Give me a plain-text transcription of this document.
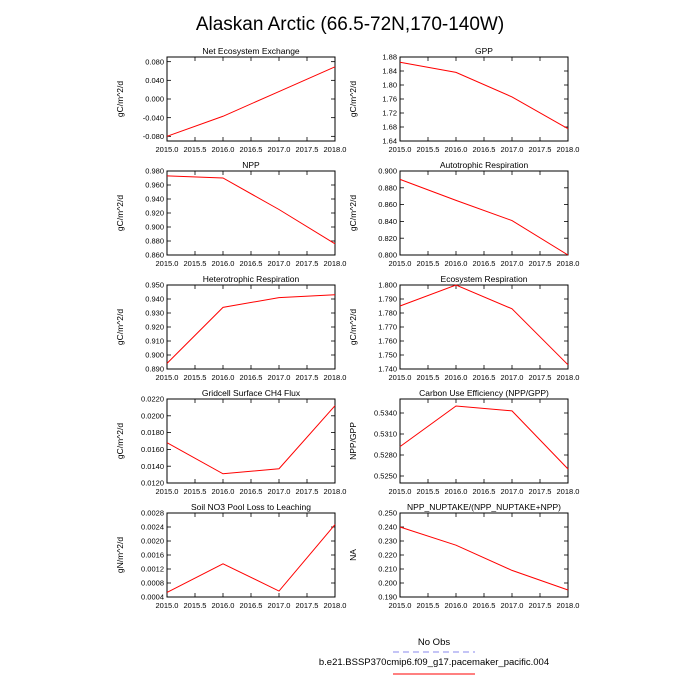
Alaskan Arctic (66.5-72N,170-140W)
Net Ecosystem Exchange
2015.0 2015.5 2016.0 2016.5 2017.0 2017.5 2018.0
-0.080
-0.040
0.000
0.040
0.080
gC/m^2/d
GPP
2015.0 2015.5 2016.0 2016.5 2017.0 2017.5 2018.0
1.64
1.68
1.72
1.76
1.80
1.84
1.88
gC/m^2/d
NPP
2015.0 2015.5 2016.0 2016.5 2017.0 2017.5 2018.0
0.860
0.880
0.900
0.920
0.940
0.960
0.980
gC/m^2/d
Autotrophic Respiration
2015.0 2015.5 2016.0 2016.5 2017.0 2017.5 2018.0
0.800
0.820
0.840
0.860
0.880
0.900
gC/m^2/d
Heterotrophic Respiration
2015.0 2015.5 2016.0 2016.5 2017.0 2017.5 2018.0
0.890
0.900
0.910
0.920
0.930
0.940
0.950
gC/m^2/d
Ecosystem Respiration
2015.0 2015.5 2016.0 2016.5 2017.0 2017.5 2018.0
1.740
1.750
1.760
1.770
1.780
1.790
1.800
gC/m^2/d
Gridcell Surface CH4 Flux
2015.0 2015.5 2016.0 2016.5 2017.0 2017.5 2018.0
0.0120
0.0140
0.0160
0.0180
0.0200
0.0220
gC/m^2/d
Carbon Use Efficiency (NPP/GPP)
2015.0 2015.5 2016.0 2016.5 2017.0 2017.5 2018.0
0.5250
0.5280
0.5310
0.5340
NPP/GPP
Soil NO3 Pool Loss to Leaching
2015.0 2015.5 2016.0 2016.5 2017.0 2017.5 2018.0
0.0004
0.0008
0.0012
0.0016
0.0020
0.0024
0.0028
gN/m^2/d
NPP_NUPTAKE/(NPP_NUPTAKE+NPP)
2015.0 2015.5 2016.0 2016.5 2017.0 2017.5 2018.0
0.190
0.200
0.210
0.220
0.230
0.240
0.250
NA
No Obs
b.e21.BSSP370cmip6.f09_g17.pacemaker_pacific.004
